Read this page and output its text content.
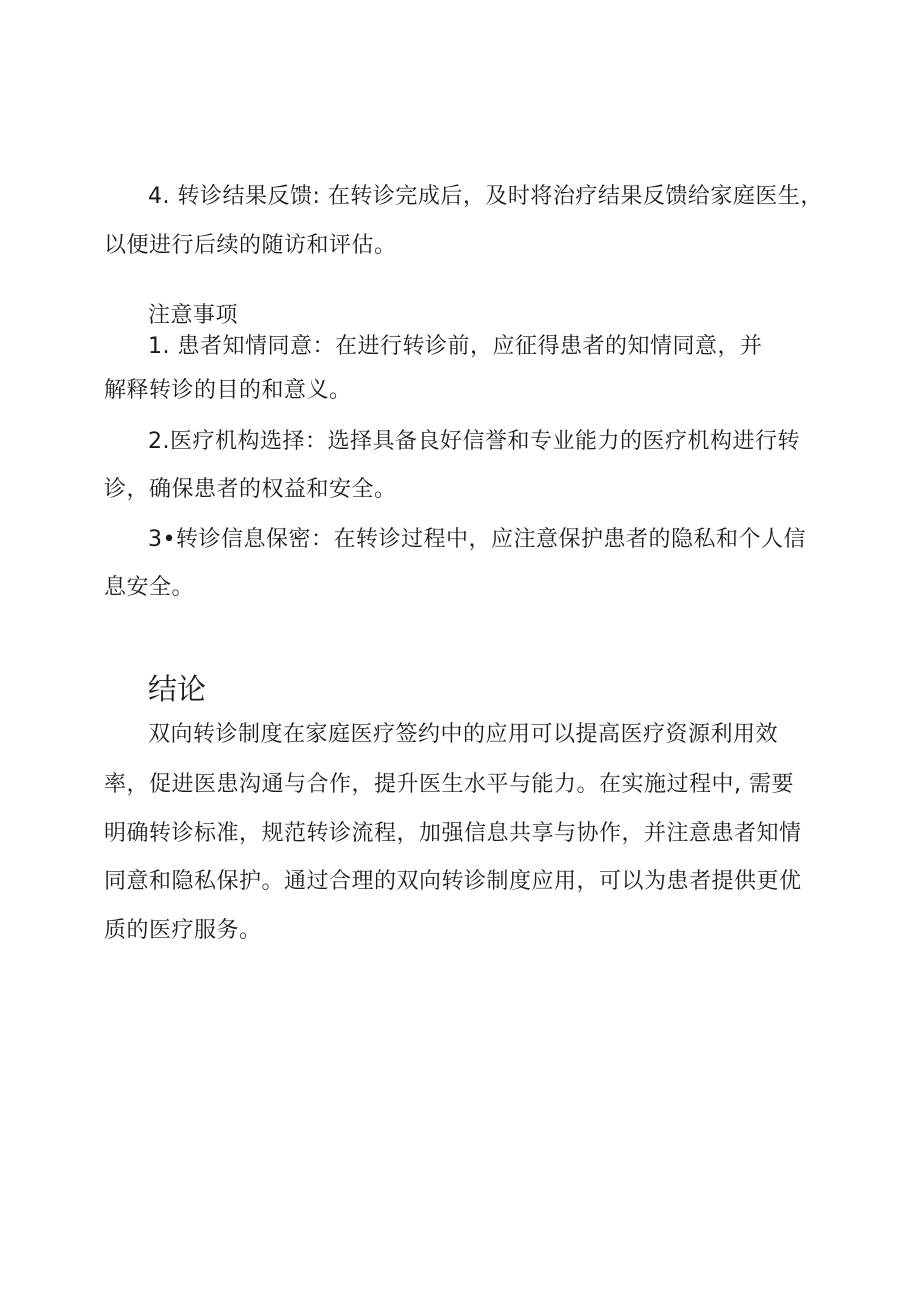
4. 转诊结果反馈: 在转诊完成后，及时将治疗结果反馈给家庭医生，
以便进行后续的随访和评估。
注意事项
1. 患者知情同意：在进行转诊前，应征得患者的知情同意，并
解释转诊的目的和意义。
2.医疗机构选择：选择具备良好信誉和专业能力的医疗机构进行转
诊，确保患者的权益和安全。
3•转诊信息保密：在转诊过程中，应注意保护患者的隐私和个人信
息安全。
结论
双向转诊制度在家庭医疗签约中的应用可以提高医疗资源利用效
率，促进医患沟通与合作，提升医生水平与能力。在实施过程中, 需要
明确转诊标准，规范转诊流程，加强信息共享与协作，并注意患者知情
同意和隐私保护。通过合理的双向转诊制度应用，可以为患者提供更优
质的医疗服务。
